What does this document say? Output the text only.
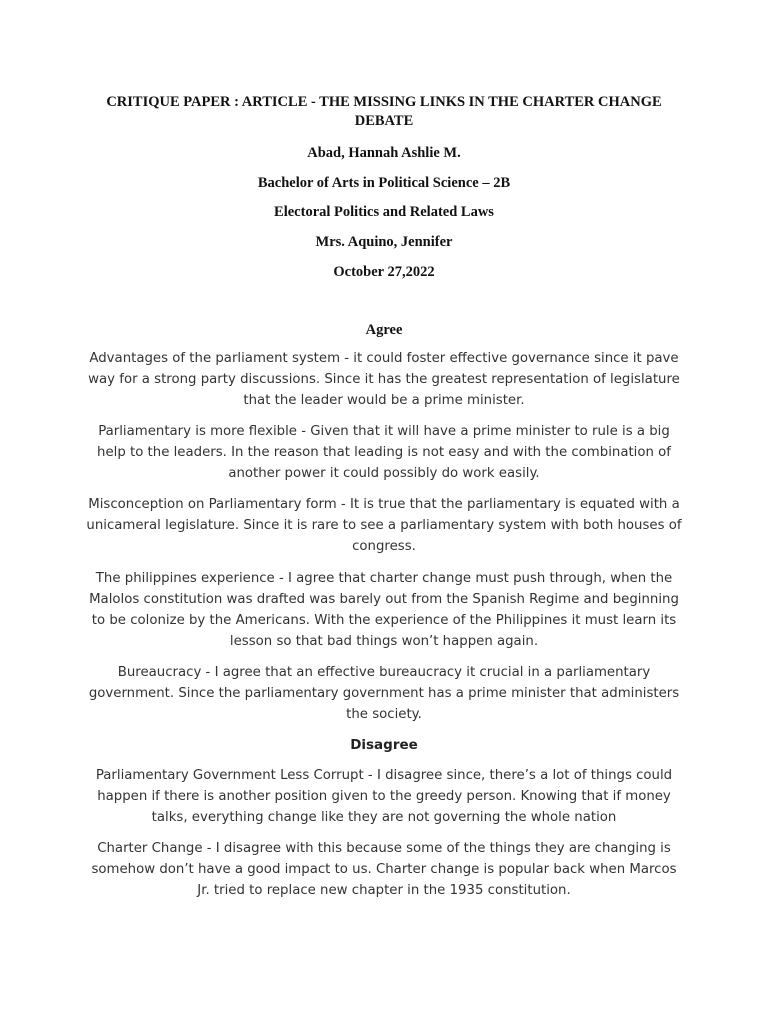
CRITIQUE PAPER : ARTICLE - THE MISSING LINKS IN THE CHARTER CHANGE DEBATE
Abad, Hannah Ashlie M.
Bachelor of Arts in Political Science – 2B
Electoral Politics and Related Laws
Mrs. Aquino, Jennifer
October 27,2022
Agree
Advantages of the parliament system - it could foster effective governance since it pave way for a strong party discussions. Since it has the greatest representation of legislature that the leader would be a prime minister.
Parliamentary is more flexible - Given that it will have a prime minister to rule is a big help to the leaders. In the reason that leading is not easy and with the combination of another power it could possibly do work easily.
Misconception on Parliamentary form - It is true that the parliamentary is equated with a unicameral legislature. Since it is rare to see a parliamentary system with both houses of congress.
The philippines experience - I agree that charter change must push through, when the Malolos constitution was drafted was barely out from the Spanish Regime and beginning to be colonize by the Americans. With the experience of the Philippines it must learn its lesson so that bad things won’t happen again.
Bureaucracy - I agree that an effective bureaucracy it crucial in a parliamentary government. Since the parliamentary government has a prime minister that administers the society.
Disagree
Parliamentary Government Less Corrupt - I disagree since, there’s a lot of things could happen if there is another position given to the greedy person. Knowing that if money talks, everything change like they are not governing the whole nation
Charter Change - I disagree with this because some of the things they are changing is somehow don’t have a good impact to us. Charter change is popular back when Marcos Jr. tried to replace new chapter in the 1935 constitution.
